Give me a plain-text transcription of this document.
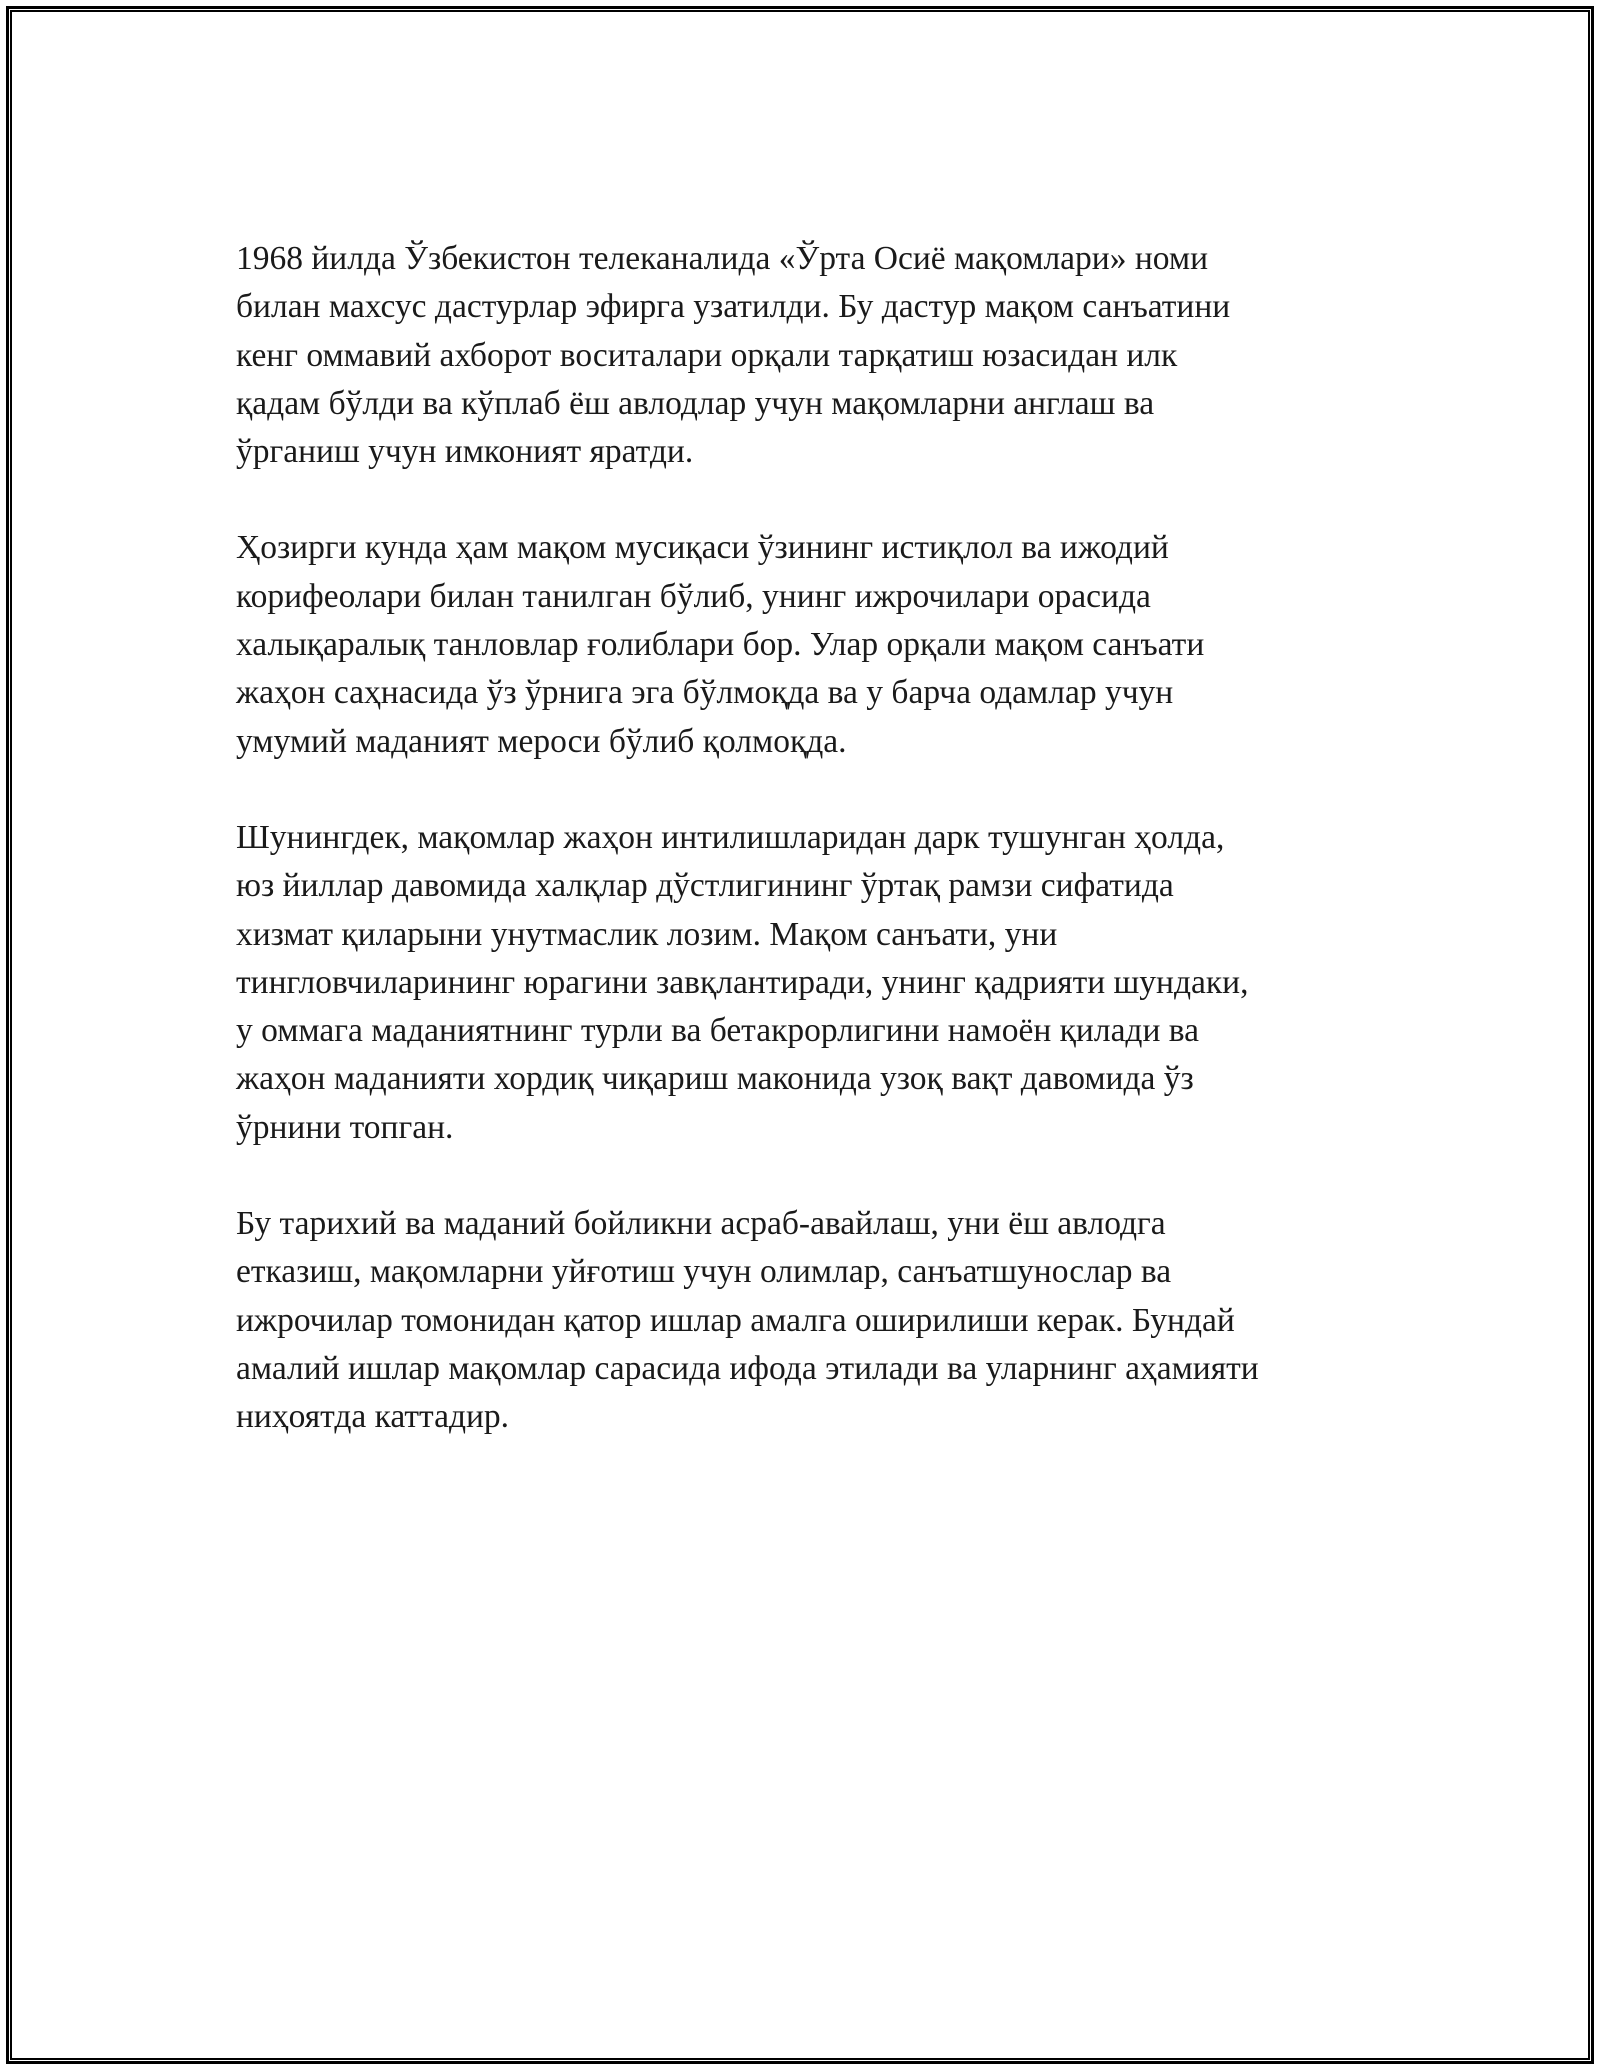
1968 йилда Ўзбекистон телеканалида «Ўрта Осиё мақомлари» номи
билан махсус дастурлар эфирга узатилди. Бу дастур мақом санъатини
кенг оммавий ахборот воситалари орқали тарқатиш юзасидан илк
қадам бўлди ва кўплаб ёш авлодлар учун мақомларни англаш ва
ўрганиш учун имконият яратди.

Ҳозирги кунда ҳам мақом мусиқаси ўзининг истиқлол ва ижодий
корифеолари билан танилган бўлиб, унинг ижрочилари орасида
халықаралық танловлар ғолиблари бор. Улар орқали мақом санъати
жаҳон саҳнасида ўз ўрнига эга бўлмоқда ва у барча одамлар учун
умумий маданият мероси бўлиб қолмоқда.

Шунингдек, мақомлар жаҳон интилишларидан дарк тушунган ҳолда,
юз йиллар давомида халқлар дўстлигининг ўртақ рамзи сифатида
хизмат қиларыни унутмаслик лозим. Мақом санъати, уни
тингловчиларининг юрагини завқлантиради, унинг қадрияти шундаки,
у оммага маданиятнинг турли ва бетакрорлигини намоён қилади ва
жаҳон маданияти хордиқ чиқариш маконида узоқ вақт давомида ўз
ўрнини топган.

Бу тарихий ва маданий бойликни асраб-авайлаш, уни ёш авлодга
етказиш, мақомларни уйғотиш учун олимлар, санъатшунослар ва
ижрочилар томонидан қатор ишлар амалга оширилиши керак. Бундай
амалий ишлар мақомлар сарасида ифода этилади ва уларнинг аҳамияти
ниҳоятда каттадир.
